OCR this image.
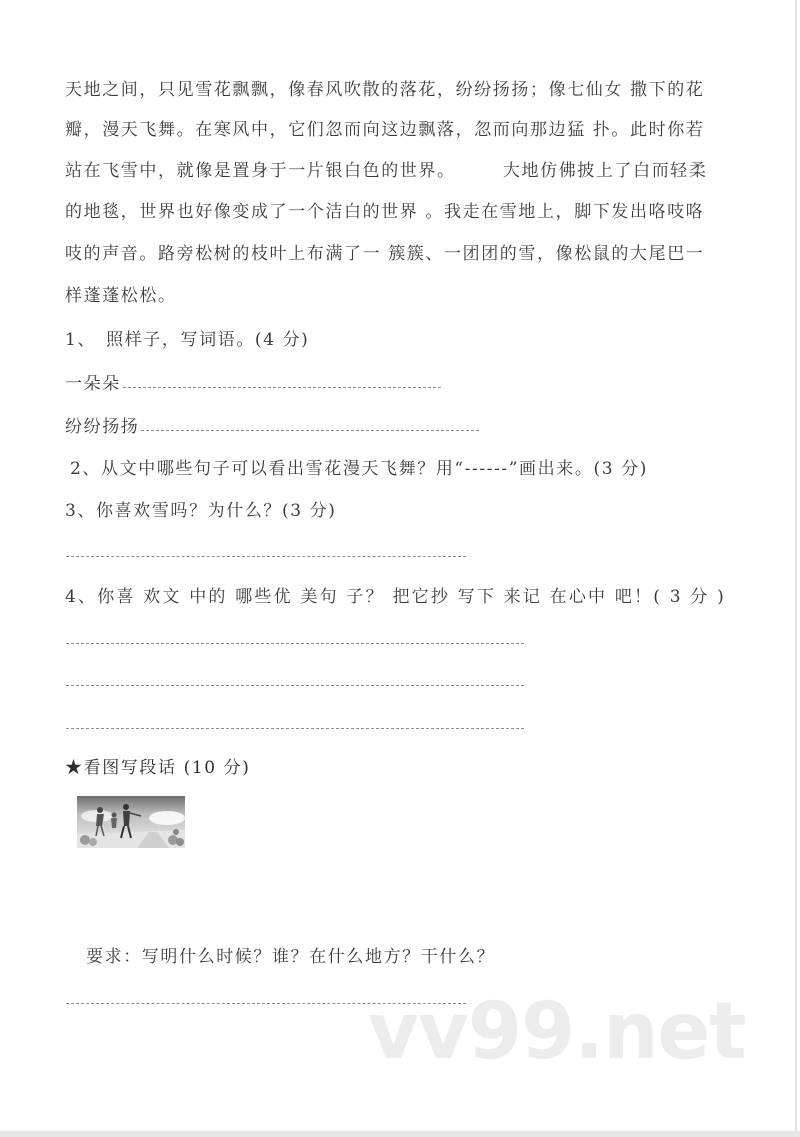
天地之间，只见雪花飘飘，像春风吹散的落花，纷纷扬扬；像七仙女 撒下的花
瓣，漫天飞舞。在寒风中，它们忽而向这边飘落，忽而向那边猛 扑。此时你若
站在飞雪中，就像是置身于一片银白色的世界。　　　大地仿佛披上了白而轻柔
的地毯，世界也好像变成了一个洁白的世界 。我走在雪地上，脚下发出咯吱咯
吱的声音。路旁松树的枝叶上布满了一 簇簇、一团团的雪，像松鼠的大尾巴一
样蓬蓬松松。
1、　照样子，写词语。(4 分)
一朵朵
纷纷扬扬
2、从文中哪些句子可以看出雪花漫天飞舞？用“------”画出来。(3 分)
3、你喜欢雪吗？为什么？(3 分)
4、你喜 欢文 中的 哪些优 美句 子？ 把它抄 写下 来记 在心中 吧！( 3 分 )
★看图写段话 (10 分)
要求：写明什么时候？谁？在什么地方？干什么？
vv99.net
